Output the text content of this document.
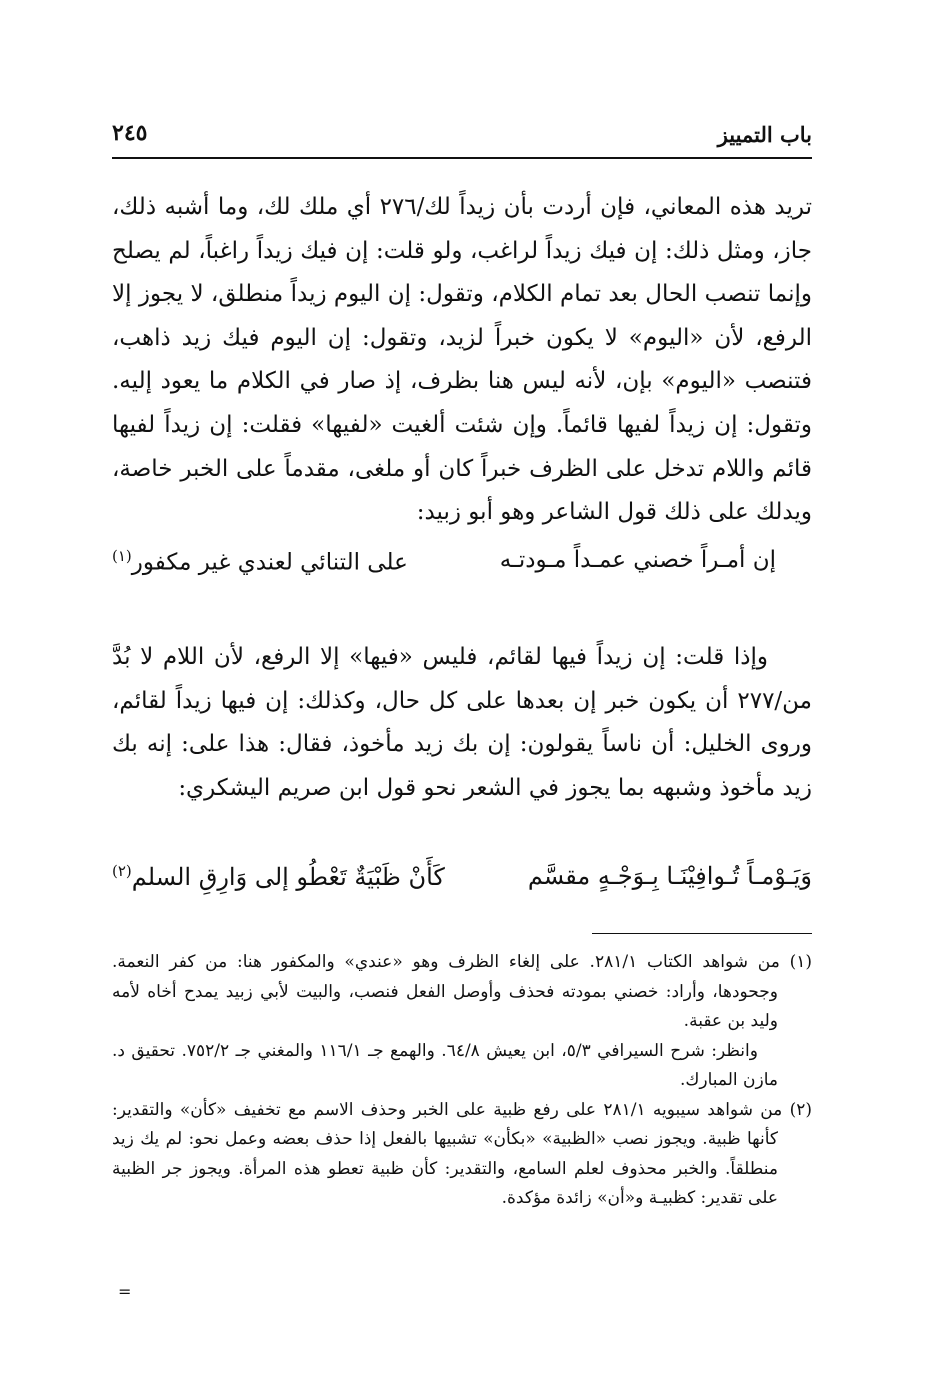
باب التمييز
٢٤٥

تريد هذه المعاني، فإن أردت بأن زيداً لك/٢٧٦ أي ملك لك، وما أشبه ذلك، جاز، ومثل ذلك: إن فيك زيداً لراغب، ولو قلت: إن فيك زيداً راغباً، لم يصلح وإنما تنصب الحال بعد تمام الكلام، وتقول: إن اليوم زيداً منطلق، لا يجوز إلا الرفع، لأن «اليوم» لا يكون خبراً لزيد، وتقول: إن اليوم فيك زيد ذاهب، فتنصب «اليوم» بإن، لأنه ليس هنا بظرف، إذ صار في الكلام ما يعود إليه. وتقول: إن زيداً لفيها قائماً. وإن شئت ألغيت «لفيها» فقلت: إن زيداً لفيها قائم واللام تدخل على الظرف خبراً كان أو ملغى، مقدماً على الخبر خاصة، ويدلك على ذلك قول الشاعر وهو أبو زبيد:

إن أمـراً خصني عمـداً مـودتـه
على التنائي لعندي غير مكفور$^{(١)}$

وإذا قلت: إن زيداً فيها لقائم، فليس «فيها» إلا الرفع، لأن اللام لا بُدَّ من/٢٧٧ أن يكون خبر إن بعدها على كل حال، وكذلك: إن فيها زيداً لقائم، وروى الخليل: أن ناساً يقولون: إن بك زيد مأخوذ، فقال: هذا على: إنه بك زيد مأخوذ وشبهه بما يجوز في الشعر نحو قول ابن صريم اليشكري:

وَيَـوْمـاً تُـوافِيْنَـا بِـوَجْـهٍ مقسَّم
كَأَنْ ظَبْيَةٌ تَعْطُو إلى وَارِقِ السلم$^{(٢)}$

(١) من شواهد الكتاب ٢٨١/١. على إلغاء الظرف وهو «عندي» والمكفور هنا: من كفر النعمة. وجحودها، وأراد: خصني بمودته فحذف وأوصل الفعل فنصب، والبيت لأبي زبيد يمدح أخاه لأمه وليد بن عقبة.

وانظر: شرح السيرافي ٥/٣، ابن يعيش ٦٤/٨. والهمع جـ ١١٦/١ والمغني جـ ٧٥٢/٢. تحقيق د. مازن المبارك.

(٢) من شواهد سيبويه ٢٨١/١ على رفع ظبية على الخبر وحذف الاسم مع تخفيف «كأن» والتقدير: كأنها ظبية. ويجوز نصب «الظبية» «بكأن» تشبيها بالفعل إذا حذف بعضه وعمل نحو: لم يك زيد منطلقاً. والخبر محذوف لعلم السامع، والتقدير: كأن ظبية تعطو هذه المرأة. ويجوز جر الظبية على تقدير: كظبيـة و«أن» زائدة مؤكدة.

=
